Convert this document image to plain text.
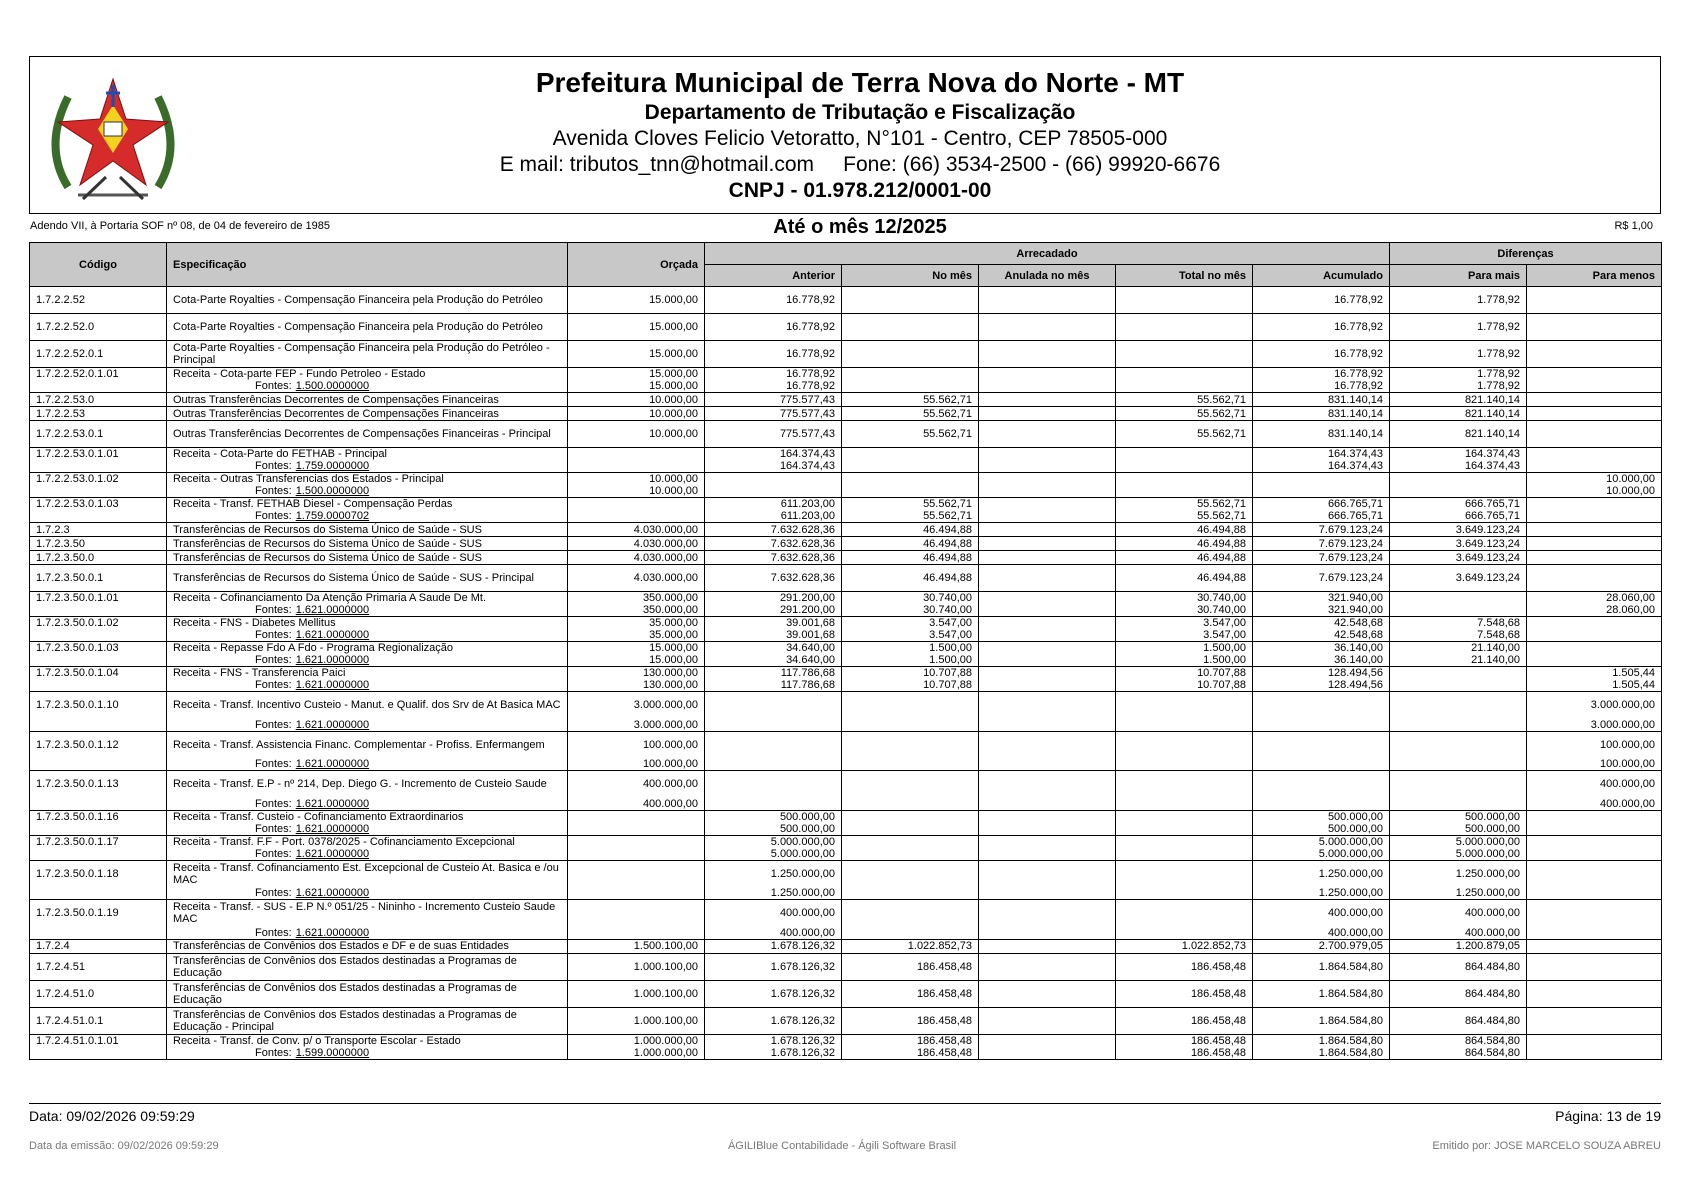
Prefeitura Municipal de Terra Nova do Norte - MT
Departamento de Tributação e Fiscalização
Avenida Cloves Felicio Vetoratto, N°101 - Centro, CEP 78505-000
E mail: tributos_tnn@hotmail.com     Fone: (66) 3534-2500 - (66) 99920-6676
CNPJ - 01.978.212/0001-00
Adendo VII, à Portaria SOF nº 08, de 04 de fevereiro de 1985	Até o mês 12/2025	R$ 1,00
Código	Especificação	Orçada	Arrecadado					Diferenças	
			Anterior	No mês	Anulada no mês	Total no mês	Acumulado	Para mais	Para menos
1.7.2.2.52	Cota-Parte Royalties - Compensação Financeira pela Produção do Petróleo	15.000,00	16.778,92				16.778,92	1.778,92	
1.7.2.2.52.0	Cota-Parte Royalties - Compensação Financeira pela Produção do Petróleo	15.000,00	16.778,92				16.778,92	1.778,92	
1.7.2.2.52.0.1	Cota-Parte Royalties - Compensação Financeira pela Produção do Petróleo - Principal	15.000,00	16.778,92				16.778,92	1.778,92	
1.7.2.2.52.0.1.01	Receita - Cota-parte FEP - Fundo Petroleo - Estado	15.000,00	16.778,92				16.778,92	1.778,92	

	Fontes: 1.500.0000000	15.000,00	16.778,92				16.778,92	1.778,92	
1.7.2.2.53.0	Outras Transferências Decorrentes de Compensações Financeiras	10.000,00	775.577,43	55.562,71		55.562,71	831.140,14	821.140,14	
1.7.2.2.53	Outras Transferências Decorrentes de Compensações Financeiras	10.000,00	775.577,43	55.562,71		55.562,71	831.140,14	821.140,14	
1.7.2.2.53.0.1	Outras Transferências Decorrentes de Compensações Financeiras - Principal	10.000,00	775.577,43	55.562,71		55.562,71	831.140,14	821.140,14	
1.7.2.2.53.0.1.01	Receita - Cota-Parte do FETHAB - Principal		164.374,43				164.374,43	164.374,43	

	Fontes: 1.759.0000000		164.374,43				164.374,43	164.374,43	
1.7.2.2.53.0.1.02	Receita - Outras Transferencias dos Estados - Principal	10.000,00							10.000,00

	Fontes: 1.500.0000000	10.000,00							10.000,00
1.7.2.2.53.0.1.03	Receita - Transf. FETHAB Diesel - Compensação Perdas		611.203,00	55.562,71		55.562,71	666.765,71	666.765,71	

	Fontes: 1.759.0000702		611.203,00	55.562,71		55.562,71	666.765,71	666.765,71	
1.7.2.3	Transferências de Recursos do Sistema Único de Saúde - SUS	4.030.000,00	7.632.628,36	46.494,88		46.494,88	7.679.123,24	3.649.123,24	
1.7.2.3.50	Transferências de Recursos do Sistema Único de Saúde - SUS	4.030.000,00	7.632.628,36	46.494,88		46.494,88	7.679.123,24	3.649.123,24	
1.7.2.3.50.0	Transferências de Recursos do Sistema Único de Saúde - SUS	4.030.000,00	7.632.628,36	46.494,88		46.494,88	7.679.123,24	3.649.123,24	
1.7.2.3.50.0.1	Transferências de Recursos do Sistema Único de Saúde - SUS - Principal	4.030.000,00	7.632.628,36	46.494,88		46.494,88	7.679.123,24	3.649.123,24	
1.7.2.3.50.0.1.01	Receita - Cofinanciamento Da Atenção Primaria A Saude De Mt.	350.000,00	291.200,00	30.740,00		30.740,00	321.940,00		28.060,00

	Fontes: 1.621.0000000	350.000,00	291.200,00	30.740,00		30.740,00	321.940,00		28.060,00
1.7.2.3.50.0.1.02	Receita - FNS - Diabetes Mellitus	35.000,00	39.001,68	3.547,00		3.547,00	42.548,68	7.548,68	

	Fontes: 1.621.0000000	35.000,00	39.001,68	3.547,00		3.547,00	42.548,68	7.548,68	
1.7.2.3.50.0.1.03	Receita - Repasse Fdo A Fdo - Programa Regionalização	15.000,00	34.640,00	1.500,00		1.500,00	36.140,00	21.140,00	

	Fontes: 1.621.0000000	15.000,00	34.640,00	1.500,00		1.500,00	36.140,00	21.140,00	
1.7.2.3.50.0.1.04	Receita - FNS - Transferencia Paici	130.000,00	117.786,68	10.707,88		10.707,88	128.494,56		1.505,44

	Fontes: 1.621.0000000	130.000,00	117.786,68	10.707,88		10.707,88	128.494,56		1.505,44
1.7.2.3.50.0.1.10	Receita - Transf. Incentivo Custeio - Manut. e Qualif. dos Srv de At Basica MAC	3.000.000,00							3.000.000,00

	Fontes: 1.621.0000000	3.000.000,00							3.000.000,00
1.7.2.3.50.0.1.12	Receita - Transf. Assistencia Financ. Complementar - Profiss. Enfermangem	100.000,00							100.000,00

	Fontes: 1.621.0000000	100.000,00							100.000,00
1.7.2.3.50.0.1.13	Receita - Transf. E.P - nº 214, Dep. Diego G. - Incremento de Custeio Saude	400.000,00							400.000,00

	Fontes: 1.621.0000000	400.000,00							400.000,00
1.7.2.3.50.0.1.16	Receita - Transf. Custeio - Cofinanciamento Extraordinarios		500.000,00				500.000,00	500.000,00	

	Fontes: 1.621.0000000		500.000,00				500.000,00	500.000,00	
1.7.2.3.50.0.1.17	Receita - Transf. F.F - Port. 0378/2025 - Cofinanciamento Excepcional		5.000.000,00				5.000.000,00	5.000.000,00	

	Fontes: 1.621.0000000		5.000.000,00				5.000.000,00	5.000.000,00	
1.7.2.3.50.0.1.18	Receita - Transf. Cofinanciamento Est. Excepcional de Custeio At. Basica e /ou MAC		1.250.000,00				1.250.000,00	1.250.000,00	

	Fontes: 1.621.0000000		1.250.000,00				1.250.000,00	1.250.000,00	
1.7.2.3.50.0.1.19	Receita - Transf. - SUS - E.P N.º 051/25 - Nininho - Incremento Custeio Saude MAC		400.000,00				400.000,00	400.000,00	

	Fontes: 1.621.0000000		400.000,00				400.000,00	400.000,00	
1.7.2.4	Transferências de Convênios dos Estados e DF e de suas Entidades	1.500.100,00	1.678.126,32	1.022.852,73		1.022.852,73	2.700.979,05	1.200.879,05	
1.7.2.4.51	Transferências de Convênios dos Estados destinadas a Programas de Educação	1.000.100,00	1.678.126,32	186.458,48		186.458,48	1.864.584,80	864.484,80	
1.7.2.4.51.0	Transferências de Convênios dos Estados destinadas a Programas de Educação	1.000.100,00	1.678.126,32	186.458,48		186.458,48	1.864.584,80	864.484,80	
1.7.2.4.51.0.1	Transferências de Convênios dos Estados destinadas a Programas de Educação - Principal	1.000.100,00	1.678.126,32	186.458,48		186.458,48	1.864.584,80	864.484,80	
1.7.2.4.51.0.1.01	Receita - Transf. de Conv. p/ o Transporte Escolar - Estado	1.000.000,00	1.678.126,32	186.458,48		186.458,48	1.864.584,80	864.584,80	

	Fontes: 1.599.0000000	1.000.000,00	1.678.126,32	186.458,48		186.458,48	1.864.584,80	864.584,80	
Data: 09/02/2026 09:59:29	Página: 13 de 19
Data da emissão: 09/02/2026 09:59:29	ÁGILIBlue Contabilidade - Ágili Software Brasil	Emitido por: JOSE MARCELO SOUZA ABREU
